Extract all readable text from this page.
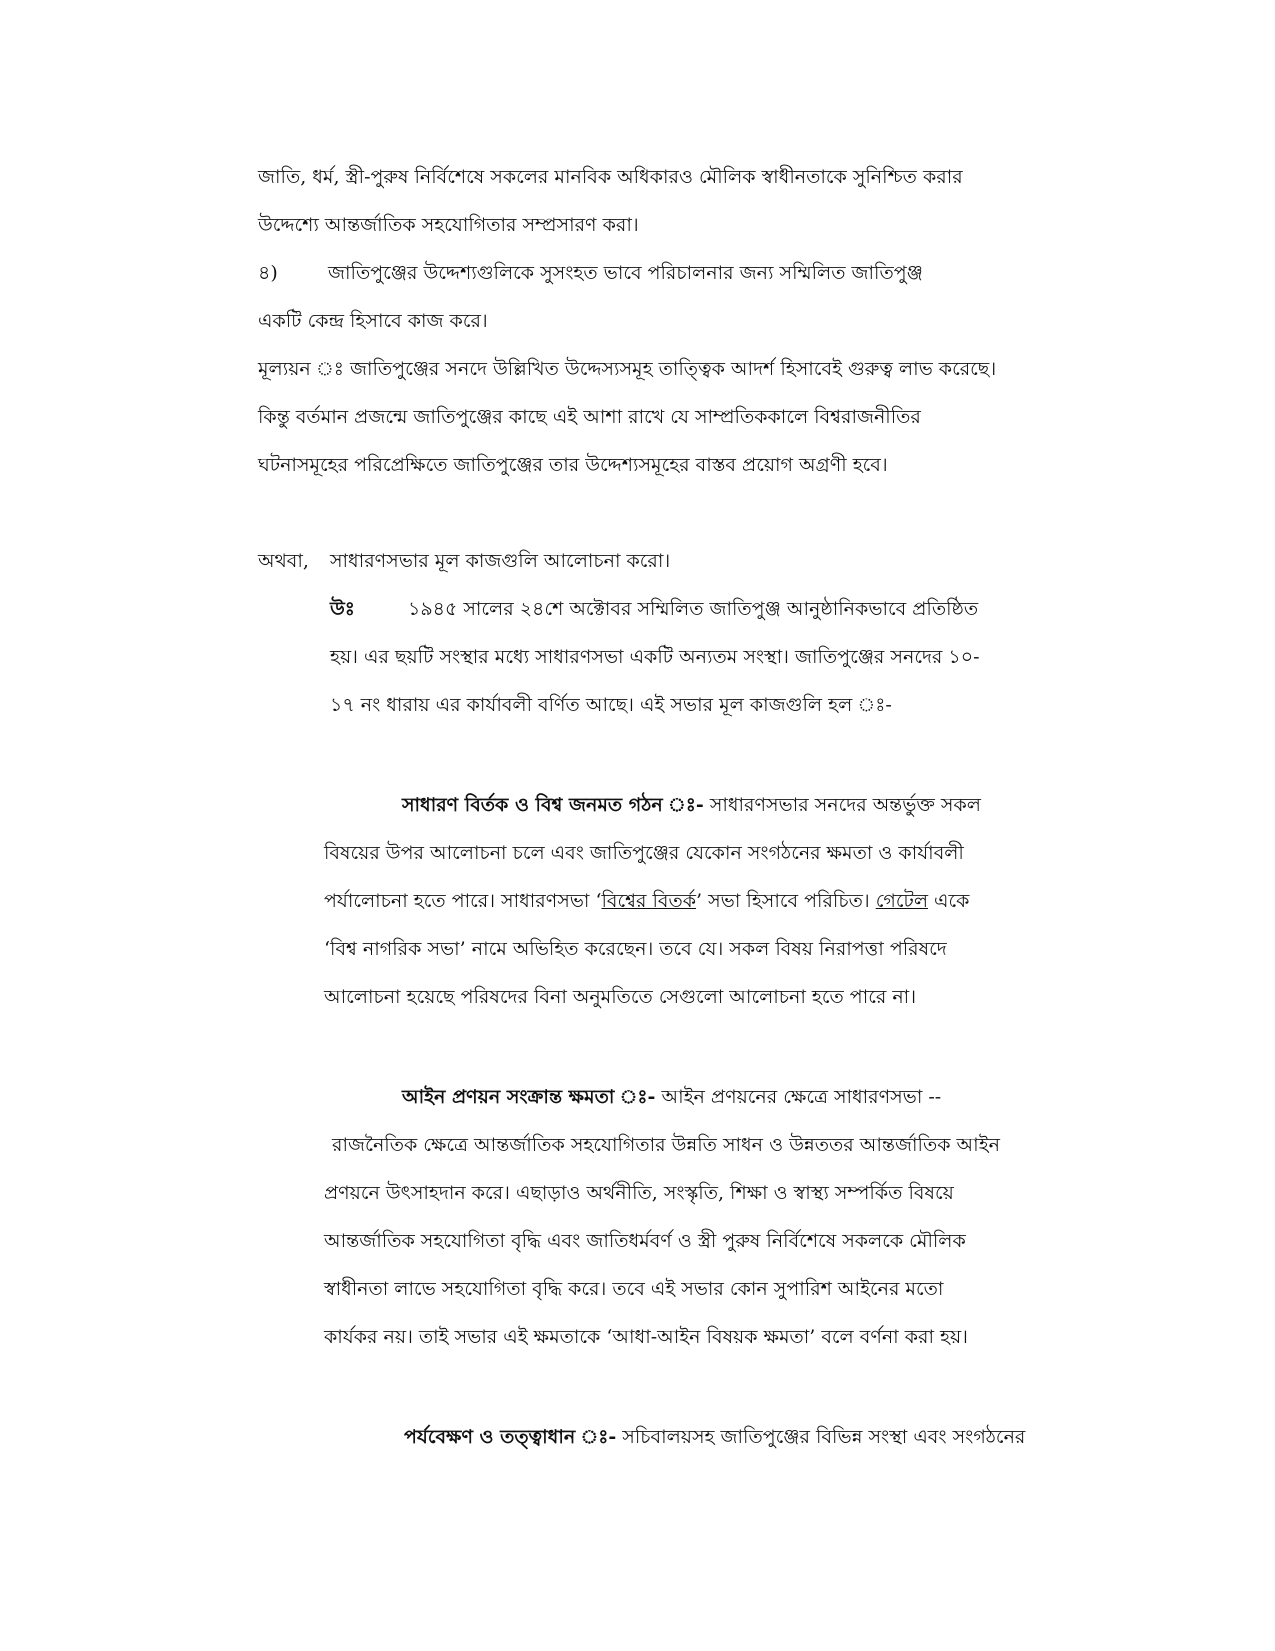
জাতি, ধর্ম, স্ত্রী-পুরুষ নির্বিশেষে সকলের মানবিক অধিকারও মৌলিক স্বাধীনতাকে সুনিশ্চিত করার
উদ্দেশ্যে আন্তর্জাতিক সহযোগিতার সম্প্রসারণ করা।
৪)	জাতিপুঞ্জের উদ্দেশ্যগুলিকে সুসংহত ভাবে পরিচালনার জন্য সম্মিলিত জাতিপুঞ্জ
একটি কেন্দ্র হিসাবে কাজ করে।
মূল্যয়ন ঃ জাতিপুঞ্জের সনদে উল্লিখিত উদ্দেস্যসমূহ তাত্ত্বিক আদর্শ হিসাবেই গুরুত্ব লাভ করেছে।
কিন্তু বর্তমান প্রজন্মে জাতিপুঞ্জের কাছে এই আশা রাখে যে সাম্প্রতিককালে বিশ্বরাজনীতির
ঘটনাসমূহের পরিপ্রেক্ষিতে জাতিপুঞ্জের তার উদ্দেশ্যসমূহের বাস্তব প্রয়োগ অগ্রণী হবে।
অথবা, সাধারণসভার মূল কাজগুলি আলোচনা করো।
উঃ	১৯৪৫ সালের ২৪শে অক্টোবর সম্মিলিত জাতিপুঞ্জ আনুষ্ঠানিকভাবে প্রতিষ্ঠিত
হয়। এর ছয়টি সংস্থার মধ্যে সাধারণসভা একটি অন্যতম সংস্থা। জাতিপুঞ্জের সনদের ১০-
১৭ নং ধারায় এর কার্যাবলী বর্ণিত আছে। এই সভার মূল কাজগুলি হল ঃ-
সাধারণ বির্তক ও বিশ্ব জনমত গঠন ঃ- সাধারণসভার সনদের অন্তর্ভুক্ত সকল
বিষয়ের উপর আলোচনা চলে এবং জাতিপুঞ্জের যেকোন সংগঠনের ক্ষমতা ও কার্যাবলী
পর্যালোচনা হতে পারে। সাধারণসভা ‘বিশ্বের বিতর্ক’ সভা হিসাবে পরিচিত। গেটেল একে
‘বিশ্ব নাগরিক সভা’ নামে অভিহিত করেছেন। তবে যে। সকল বিষয় নিরাপত্তা পরিষদে
আলোচনা হয়েছে পরিষদের বিনা অনুমতিতে সেগুলো আলোচনা হতে পারে না।
আইন প্রণয়ন সংক্রান্ত ক্ষমতা ঃ- আইন প্রণয়নের ক্ষেত্রে সাধারণসভা --
রাজনৈতিক ক্ষেত্রে আন্তর্জাতিক সহযোগিতার উন্নতি সাধন ও উন্নততর আন্তর্জাতিক আইন
প্রণয়নে উৎসাহদান করে। এছাড়াও অর্থনীতি, সংস্কৃতি, শিক্ষা ও স্বাস্থ্য সম্পর্কিত বিষয়ে
আন্তর্জাতিক সহযোগিতা বৃদ্ধি এবং জাতিধর্মবর্ণ ও স্ত্রী পুরুষ নির্বিশেষে সকলকে মৌলিক
স্বাধীনতা লাভে সহযোগিতা বৃদ্ধি করে। তবে এই সভার কোন সুপারিশ আইনের মতো
কার্যকর নয়। তাই সভার এই ক্ষমতাকে ‘আধা-আইন বিষয়ক ক্ষমতা’ বলে বর্ণনা করা হয়।
পর্যবেক্ষণ ও তত্ত্বাধান ঃ- সচিবালয়সহ জাতিপুঞ্জের বিভিন্ন সংস্থা এবং সংগঠনের
